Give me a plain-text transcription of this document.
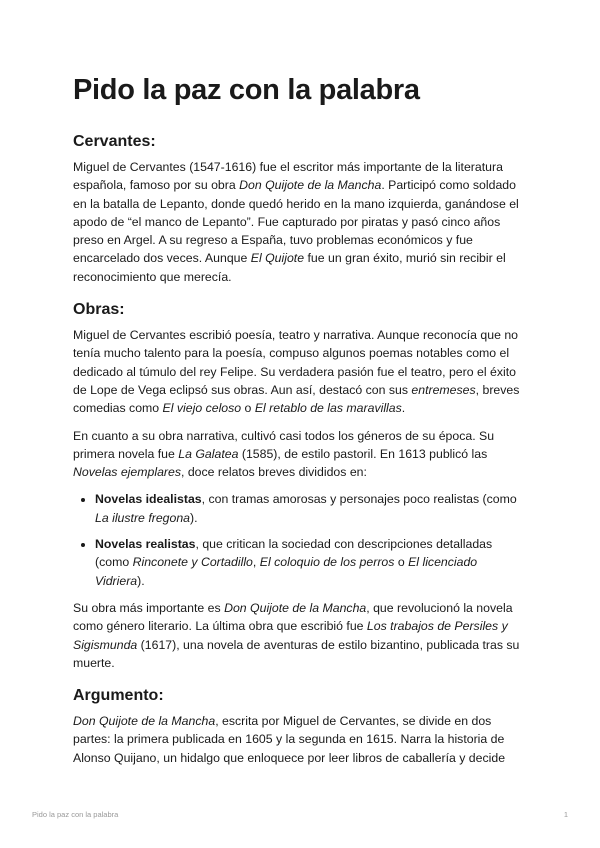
Pido la paz con la palabra
Cervantes:

Miguel de Cervantes (1547-1616) fue el escritor más importante de la literatura española, famoso por su obra Don Quijote de la Mancha. Participó como soldado en la batalla de Lepanto, donde quedó herido en la mano izquierda, ganándose el apodo de “el manco de Lepanto”. Fue capturado por piratas y pasó cinco años preso en Argel. A su regreso a España, tuvo problemas económicos y fue encarcelado dos veces. Aunque El Quijote fue un gran éxito, murió sin recibir el reconocimiento que merecía.

Obras:

Miguel de Cervantes escribió poesía, teatro y narrativa. Aunque reconocía que no tenía mucho talento para la poesía, compuso algunos poemas notables como el dedicado al túmulo del rey Felipe. Su verdadera pasión fue el teatro, pero el éxito de Lope de Vega eclipsó sus obras. Aun así, destacó con sus entremeses, breves comedias como El viejo celoso o El retablo de las maravillas.

En cuanto a su obra narrativa, cultivó casi todos los géneros de su época. Su primera novela fue La Galatea (1585), de estilo pastoril. En 1613 publicó las Novelas ejemplares, doce relatos breves divididos en:

• Novelas idealistas, con tramas amorosas y personajes poco realistas (como La ilustre fregona).
• Novelas realistas, que critican la sociedad con descripciones detalladas (como Rinconete y Cortadillo, El coloquio de los perros o El licenciado Vidriera).

Su obra más importante es Don Quijote de la Mancha, que revolucionó la novela como género literario. La última obra que escribió fue Los trabajos de Persiles y Sigismunda (1617), una novela de aventuras de estilo bizantino, publicada tras su muerte.

Argumento:

Don Quijote de la Mancha, escrita por Miguel de Cervantes, se divide en dos partes: la primera publicada en 1605 y la segunda en 1615. Narra la historia de Alonso Quijano, un hidalgo que enloquece por leer libros de caballería y decide

Pido la paz con la palabra	1
